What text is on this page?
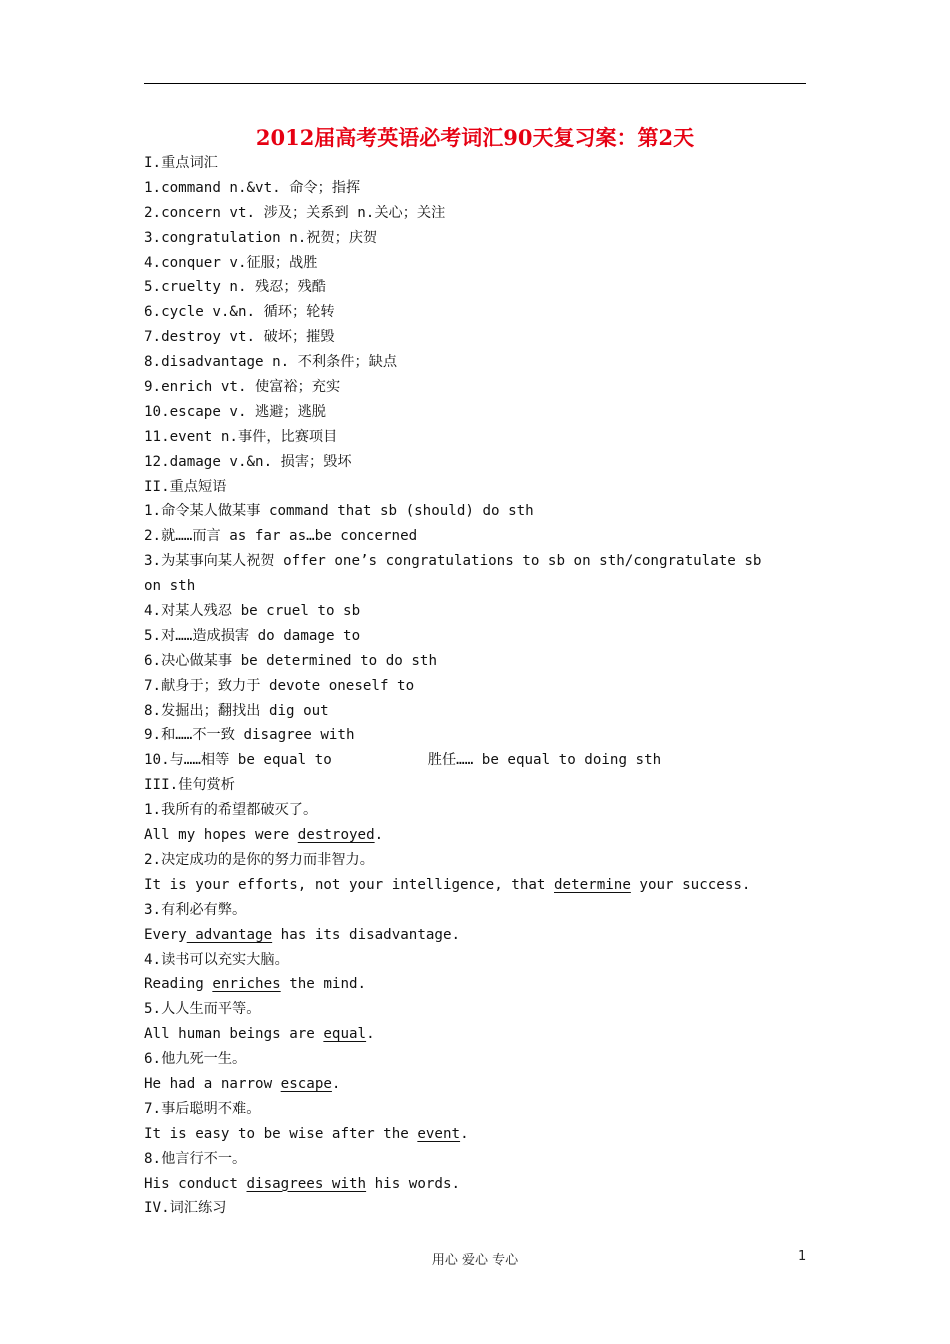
2012届高考英语必考词汇90天复习案：第2天
I.重点词汇
1.command n.&vt. 命令；指挥
2.concern vt. 涉及；关系到 n.关心；关注
3.congratulation n.祝贺；庆贺
4.conquer v.征服；战胜
5.cruelty n. 残忍；残酷
6.cycle v.&n. 循环；轮转
7.destroy vt. 破坏；摧毁
8.disadvantage n. 不利条件；缺点
9.enrich vt. 使富裕；充实
10.escape v. 逃避；逃脱
11.event n.事件，比赛项目
12.damage v.&n. 损害；毁坏
II.重点短语
1.命令某人做某事 command that sb (should) do sth
2.就……而言 as far as…be concerned
3.为某事向某人祝贺 offer one’s congratulations to sb on sth/congratulate sb
on sth
4.对某人残忍 be cruel to sb
5.对……造成损害 do damage to
6.决心做某事 be determined to do sth
7.献身于；致力于 devote oneself to
8.发掘出；翻找出 dig out
9.和……不一致 disagree with
10.与……相等 be equal to	胜任…… be equal to doing sth
III.佳句赏析
1.我所有的希望都破灭了。
All my hopes were destroyed.
2.决定成功的是你的努力而非智力。
It is your efforts, not your intelligence, that determine your success.
3.有利必有弊。
Every advantage has its disadvantage.
4.读书可以充实大脑。
Reading enriches the mind.
5.人人生而平等。
All human beings are equal.
6.他九死一生。
He had a narrow escape.
7.事后聪明不难。
It is easy to be wise after the event.
8.他言行不一。
His conduct disagrees with his words.
IV.词汇练习
用心 爱心 专心	1
